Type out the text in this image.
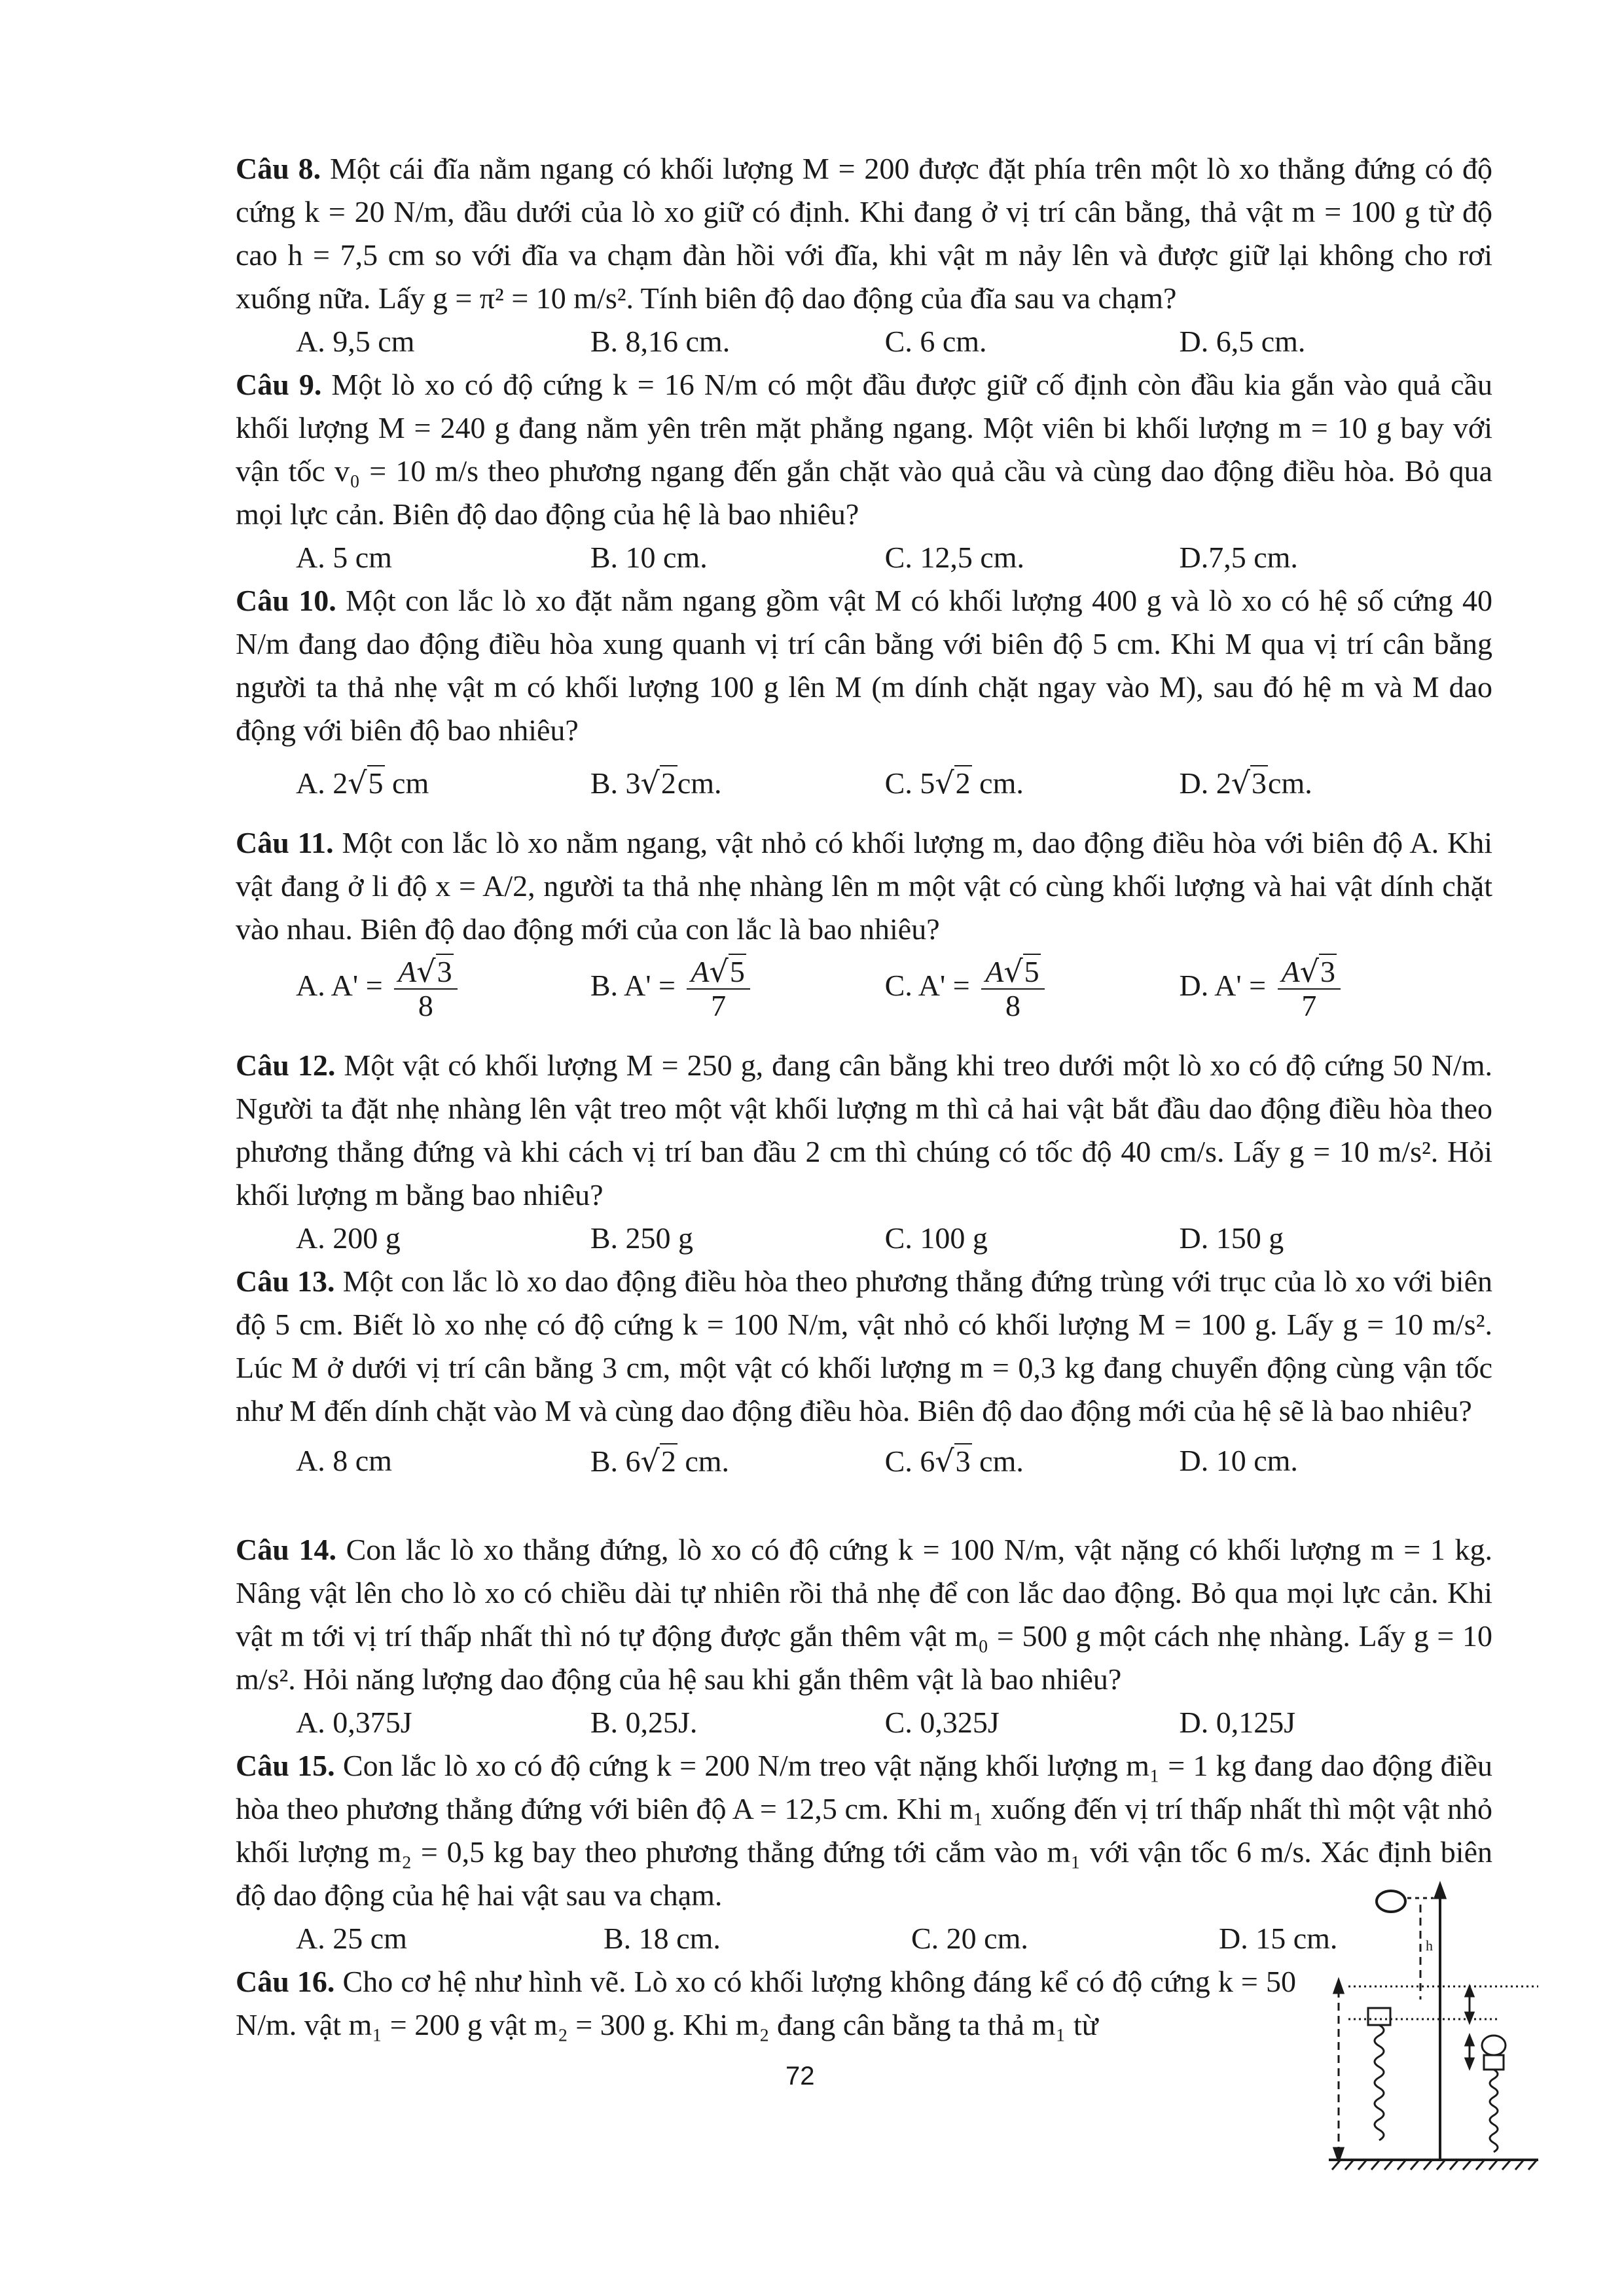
Câu 8. Một cái đĩa nằm ngang có khối lượng M = 200 được đặt phía trên một lò xo thẳng đứng có độ cứng k = 20 N/m, đầu dưới của lò xo giữ có định. Khi đang ở vị trí cân bằng, thả vật m = 100 g từ độ cao h = 7,5 cm so với đĩa va chạm đàn hồi với đĩa, khi vật m nảy lên và được giữ lại không cho rơi xuống nữa. Lấy g = π² = 10 m/s². Tính biên độ dao động của đĩa sau va chạm?

A. 9,5 cm	B. 8,16 cm.	C. 6 cm.	D. 6,5 cm.

Câu 9. Một lò xo có độ cứng k = 16 N/m có một đầu được giữ cố định còn đầu kia gắn vào quả cầu khối lượng M = 240 g đang nằm yên trên mặt phẳng ngang. Một viên bi khối lượng m = 10 g bay với vận tốc v₀ = 10 m/s theo phương ngang đến gắn chặt vào quả cầu và cùng dao động điều hòa. Bỏ qua mọi lực cản. Biên độ dao động của hệ là bao nhiêu?

A. 5 cm	B. 10 cm.	C. 12,5 cm.	D.7,5 cm.

Câu 10. Một con lắc lò xo đặt nằm ngang gồm vật M có khối lượng 400 g và lò xo có hệ số cứng 40 N/m đang dao động điều hòa xung quanh vị trí cân bằng với biên độ 5 cm. Khi M qua vị trí cân bằng người ta thả nhẹ vật m có khối lượng 100 g lên M (m dính chặt ngay vào M), sau đó hệ m và M dao động với biên độ bao nhiêu?

A. 2√5 cm	B. 3√2cm.	C. 5√2 cm.	D. 2√3cm.

Câu 11. Một con lắc lò xo nằm ngang, vật nhỏ có khối lượng m, dao động điều hòa với biên độ A. Khi vật đang ở li độ x = A/2, người ta thả nhẹ nhàng lên m một vật có cùng khối lượng và hai vật dính chặt vào nhau. Biên độ dao động mới của con lắc là bao nhiêu?

A. $A' = \frac{A√3}{8}$	B. $A' = \frac{A√5}{7}$	C. $A' = \frac{A√5}{8}$	D. $A' = \frac{A√3}{7}$

Câu 12. Một vật có khối lượng M = 250 g, đang cân bằng khi treo dưới một lò xo có độ cứng 50 N/m. Người ta đặt nhẹ nhàng lên vật treo một vật khối lượng m thì cả hai vật bắt đầu dao động điều hòa theo phương thẳng đứng và khi cách vị trí ban đầu 2 cm thì chúng có tốc độ 40 cm/s. Lấy g = 10 m/s². Hỏi khối lượng m bằng bao nhiêu?

A. 200 g	B. 250 g	C. 100 g	D. 150 g

Câu 13. Một con lắc lò xo dao động điều hòa theo phương thẳng đứng trùng với trục của lò xo với biên độ 5 cm. Biết lò xo nhẹ có độ cứng k = 100 N/m, vật nhỏ có khối lượng M = 100 g. Lấy g = 10 m/s². Lúc M ở dưới vị trí cân bằng 3 cm, một vật có khối lượng m = 0,3 kg đang chuyển động cùng vận tốc như M đến dính chặt vào M và cùng dao động điều hòa. Biên độ dao động mới của hệ sẽ là bao nhiêu?

A. 8 cm	B. 6√2 cm.	C. 6√3 cm.	D. 10 cm.

Câu 14. Con lắc lò xo thẳng đứng, lò xo có độ cứng k = 100 N/m, vật nặng có khối lượng m = 1 kg. Nâng vật lên cho lò xo có chiều dài tự nhiên rồi thả nhẹ để con lắc dao động. Bỏ qua mọi lực cản. Khi vật m tới vị trí thấp nhất thì nó tự động được gắn thêm vật m₀ = 500 g một cách nhẹ nhàng. Lấy g = 10 m/s². Hỏi năng lượng dao động của hệ sau khi gắn thêm vật là bao nhiêu?

A. 0,375J	B. 0,25J.	C. 0,325J	D. 0,125J

Câu 15. Con lắc lò xo có độ cứng k = 200 N/m treo vật nặng khối lượng m₁ = 1 kg đang dao động điều hòa theo phương thẳng đứng với biên độ A = 12,5 cm. Khi m₁ xuống đến vị trí thấp nhất thì một vật nhỏ khối lượng m₂ = 0,5 kg bay theo phương thẳng đứng tới cắm vào m₁ với vận tốc 6 m/s. Xác định biên độ dao động của hệ hai vật sau va chạm.

A. 25 cm	B. 18 cm.	C. 20 cm.	D. 15 cm.

Câu 16. Cho cơ hệ như hình vẽ. Lò xo có khối lượng không đáng kể có độ cứng k = 50 N/m. vật m₁ = 200 g vật m₂ = 300 g. Khi m₂ đang cân bằng ta thả m₁ từ

h
72
